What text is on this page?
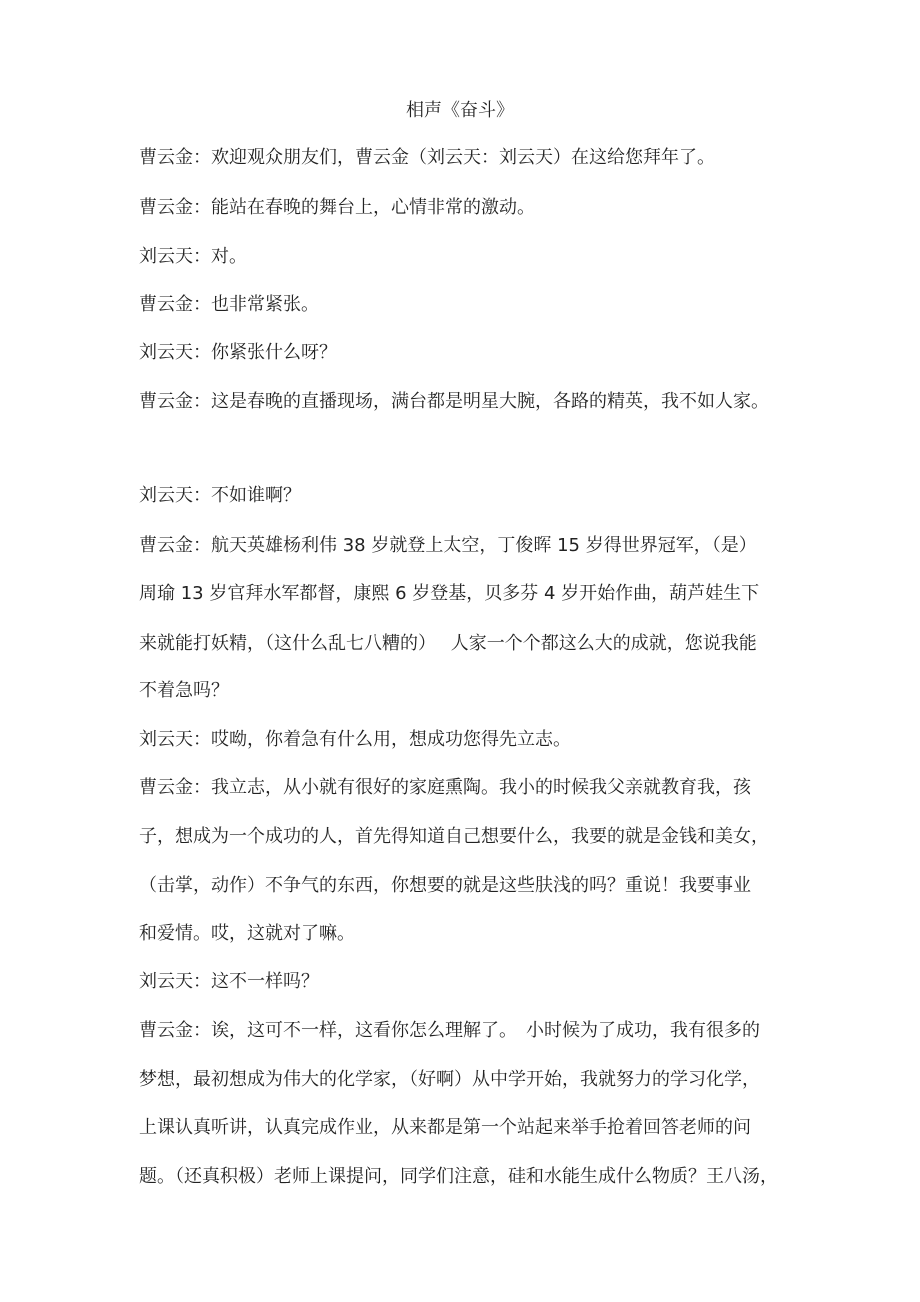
相声《奋斗》
曹云金：欢迎观众朋友们，曹云金（刘云天：刘云天）在这给您拜年了。
曹云金：能站在春晚的舞台上，心情非常的激动。
刘云天：对。
曹云金：也非常紧张。
刘云天：你紧张什么呀？
曹云金：这是春晚的直播现场，满台都是明星大腕，各路的精英，我不如人家。
刘云天：不如谁啊？
曹云金：航天英雄杨利伟 38 岁就登上太空，丁俊晖 15 岁得世界冠军，（是）
周瑜 13 岁官拜水军都督，康熙 6 岁登基，贝多芬 4 岁开始作曲，葫芦娃生下
来就能打妖精，（这什么乱七八糟的）　 人家一个个都这么大的成就，您说我能
不着急吗？
刘云天：哎呦，你着急有什么用，想成功您得先立志。
曹云金：我立志，从小就有很好的家庭熏陶。我小的时候我父亲就教育我，孩
子，想成为一个成功的人，首先得知道自己想要什么，我要的就是金钱和美女，
（击掌，动作）不争气的东西，你想要的就是这些肤浅的吗？重说！我要事业
和爱情。哎，这就对了嘛。
刘云天：这不一样吗？
曹云金：诶，这可不一样，这看你怎么理解了。　小时候为了成功，我有很多的
梦想，最初想成为伟大的化学家，（好啊）从中学开始，我就努力的学习化学，
上课认真听讲，认真完成作业，从来都是第一个站起来举手抢着回答老师的问
题。（还真积极）老师上课提问，同学们注意，硅和水能生成什么物质？王八汤，
